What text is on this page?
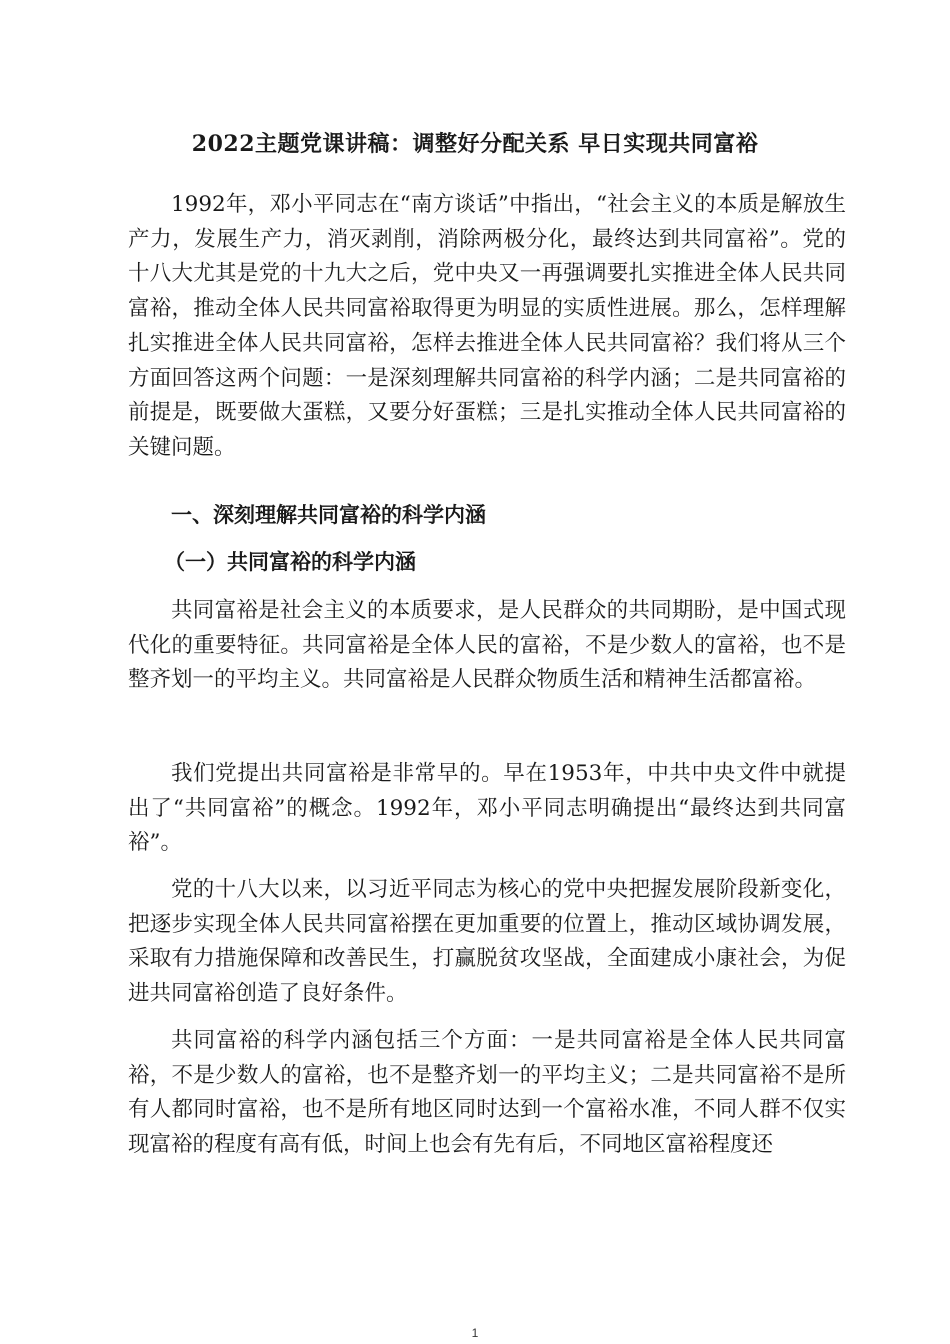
2022主题党课讲稿：调整好分配关系 早日实现共同富裕

1992年，邓小平同志在“南方谈话”中指出，“社会主义的本质是解放生产力，发展生产力，消灭剥削，消除两极分化，最终达到共同富裕”。党的十八大尤其是党的十九大之后，党中央又一再强调要扎实推进全体人民共同富裕，推动全体人民共同富裕取得更为明显的实质性进展。那么，怎样理解扎实推进全体人民共同富裕，怎样去推进全体人民共同富裕？我们将从三个方面回答这两个问题：一是深刻理解共同富裕的科学内涵；二是共同富裕的前提是，既要做大蛋糕，又要分好蛋糕；三是扎实推动全体人民共同富裕的关键问题。

一、深刻理解共同富裕的科学内涵

（一）共同富裕的科学内涵

共同富裕是社会主义的本质要求，是人民群众的共同期盼，是中国式现代化的重要特征。共同富裕是全体人民的富裕，不是少数人的富裕，也不是整齐划一的平均主义。共同富裕是人民群众物质生活和精神生活都富裕。

我们党提出共同富裕是非常早的。早在1953年，中共中央文件中就提出了“共同富裕”的概念。1992年，邓小平同志明确提出“最终达到共同富裕”。

党的十八大以来，以习近平同志为核心的党中央把握发展阶段新变化，把逐步实现全体人民共同富裕摆在更加重要的位置上，推动区域协调发展，采取有力措施保障和改善民生，打赢脱贫攻坚战，全面建成小康社会，为促进共同富裕创造了良好条件。

共同富裕的科学内涵包括三个方面：一是共同富裕是全体人民共同富裕，不是少数人的富裕，也不是整齐划一的平均主义；二是共同富裕不是所有人都同时富裕，也不是所有地区同时达到一个富裕水准，不同人群不仅实现富裕的程度有高有低，时间上也会有先有后，不同地区富裕程度还

1
